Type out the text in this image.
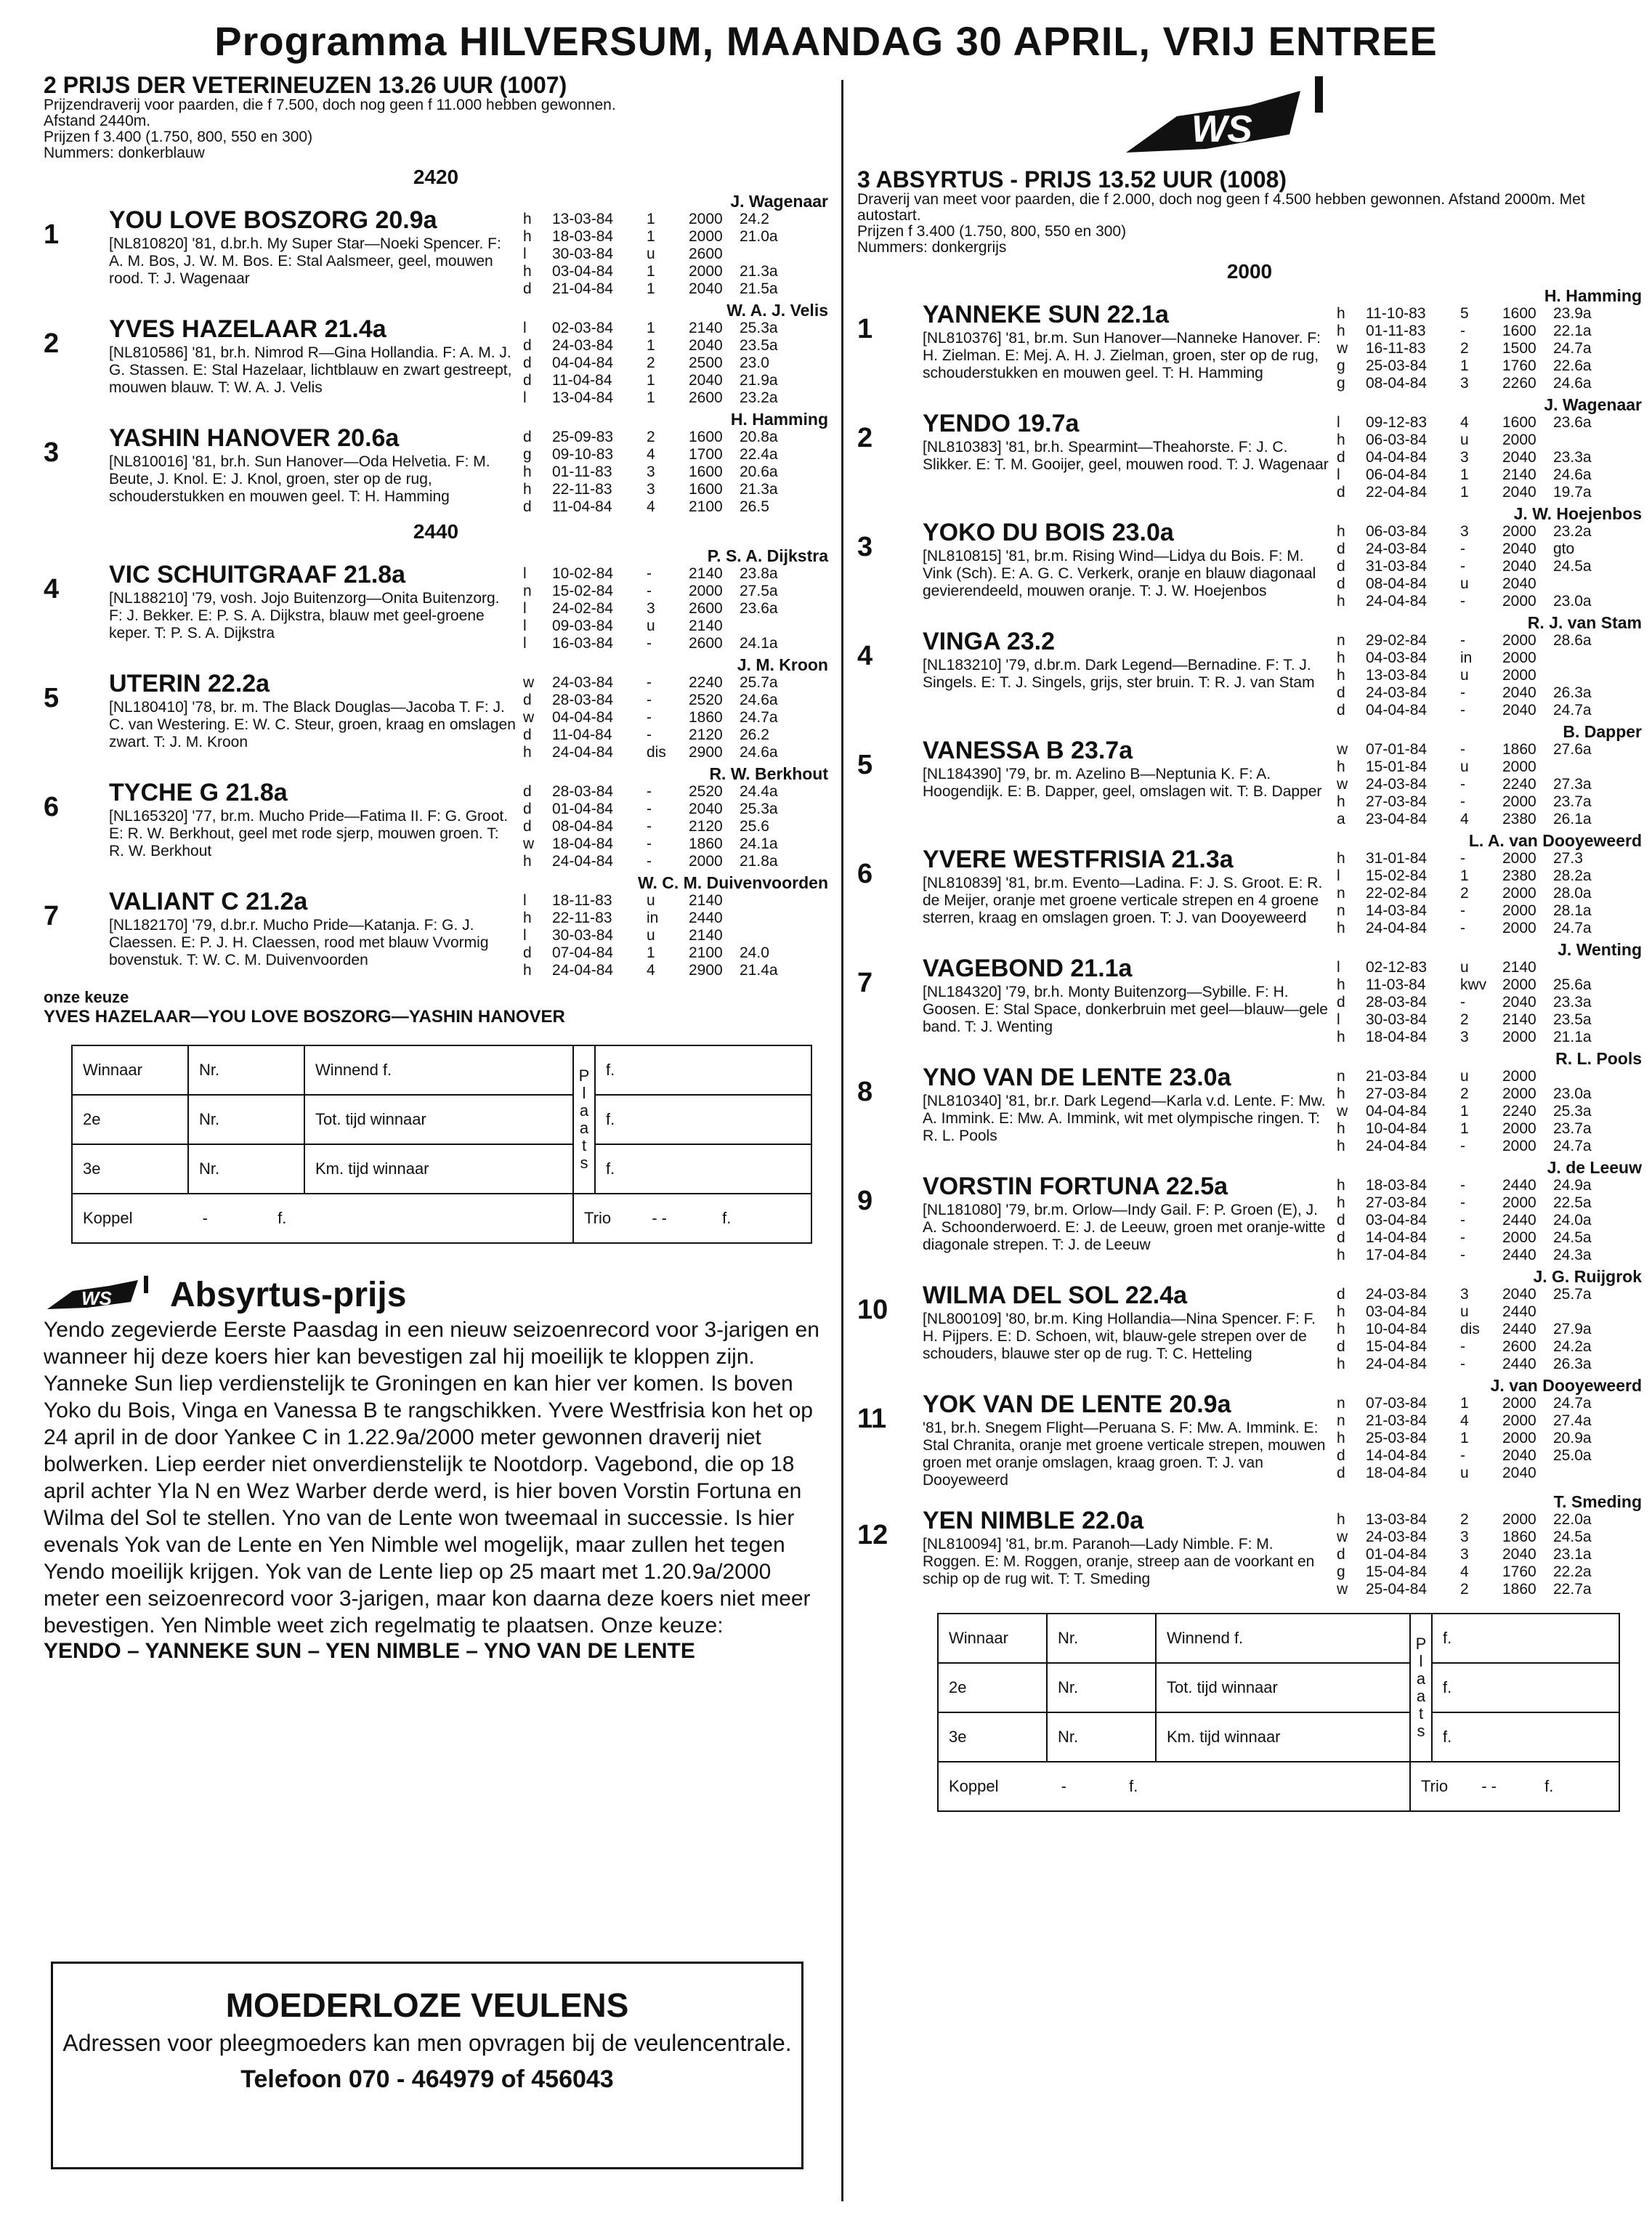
Programma HILVERSUM, MAANDAG 30 APRIL, VRIJ ENTREE
2 PRIJS DER VETERINEUZEN 13.26 UUR (1007)
Prijzendraverij voor paarden, die f 7.500, doch nog geen f 11.000 hebben gewonnen.
Afstand 2440m.
Prijzen f 3.400 (1.750, 800, 550 en 300)
Nummers: donkerblauw
2420
J. Wagenaar
1 YOU LOVE BOSZORG 20.9a
[NL810820] '81, d.br.h. My Super Star—Noeki Spencer. F: A. M. Bos, J. W. M. Bos. E: Stal Aalsmeer, geel, mouwen rood. T: J. Wagenaar
h	13-03-84	1	2000	24.2
h	18-03-84	1	2000	21.0a
l	30-03-84	u	2600
h	03-04-84	1	2000	21.3a
d	21-04-84	1	2040	21.5a
W. A. J. Velis
2 YVES HAZELAAR 21.4a
[NL810586] '81, br.h. Nimrod R—Gina Hollandia. F: A. M. J. G. Stassen. E: Stal Hazelaar, lichtblauw en zwart gestreept, mouwen blauw. T: W. A. J. Velis
l	02-03-84	1	2140	25.3a
d	24-03-84	1	2040	23.5a
d	04-04-84	2	2500	23.0
d	11-04-84	1	2040	21.9a
l	13-04-84	1	2600	23.2a
H. Hamming
3 YASHIN HANOVER 20.6a
[NL810016] '81, br.h. Sun Hanover—Oda Helvetia. F: M. Beute, J. Knol. E: J. Knol, groen, ster op de rug, schouderstukken en mouwen geel. T: H. Hamming
d	25-09-83	2	1600	20.8a
g	09-10-83	4	1700	22.4a
h	01-11-83	3	1600	20.6a
h	22-11-83	3	1600	21.3a
d	11-04-84	4	2100	26.5
2440
P. S. A. Dijkstra
4 VIC SCHUITGRAAF 21.8a
[NL188210] '79, vosh. Jojo Buitenzorg—Onita Buitenzorg. F: J. Bekker. E: P. S. A. Dijkstra, blauw met geel-groene keper. T: P. S. A. Dijkstra
l	10-02-84	-	2140	23.8a
n	15-02-84	-	2000	27.5a
l	24-02-84	3	2600	23.6a
l	09-03-84	u	2140
l	16-03-84	-	2600	24.1a
J. M. Kroon
5 UTERIN 22.2a
[NL180410] '78, br. m. The Black Douglas—Jacoba T. F: J. C. van Westering. E: W. C. Steur, groen, kraag en omslagen zwart. T: J. M. Kroon
w	24-03-84	-	2240	25.7a
d	28-03-84	-	2520	24.6a
w	04-04-84	-	1860	24.7a
d	11-04-84	-	2120	26.2
h	24-04-84	dis	2900	24.6a
R. W. Berkhout
6 TYCHE G 21.8a
[NL165320] '77, br.m. Mucho Pride—Fatima II. F: G. Groot. E: R. W. Berkhout, geel met rode sjerp, mouwen groen. T: R. W. Berkhout
d	28-03-84	-	2520	24.4a
d	01-04-84	-	2040	25.3a
d	08-04-84	-	2120	25.6
w	18-04-84	-	1860	24.1a
h	24-04-84	-	2000	21.8a
W. C. M. Duivenvoorden
7 VALIANT C 21.2a
[NL182170] '79, d.br.r. Mucho Pride—Katanja. F: G. J. Claessen. E: P. J. H. Claessen, rood met blauw Vvormig bovenstuk. T: W. C. M. Duivenvoorden
l	18-11-83	u	2140
h	22-11-83	in	2440
l	30-03-84	u	2140
d	07-04-84	1	2100	24.0
h	24-04-84	4	2900	21.4a
onze keuze
YVES HAZELAAR—YOU LOVE BOSZORG—YASHIN HANOVER
Winnaar	Nr.	Winnend f.	P l a a t s	f.
2e	Nr.	Tot. tijd winnaar		f.
3e	Nr.	Km. tijd winnaar		f.
Koppel - f.			Trio - - f.	
WS Absyrtus-prijs
Yendo zegevierde Eerste Paasdag in een nieuw seizoenrecord voor 3-jarigen en wanneer hij deze koers hier kan bevestigen zal hij moeilijk te kloppen zijn. Yanneke Sun liep verdienstelijk te Groningen en kan hier ver komen. Is boven Yoko du Bois, Vinga en Vanessa B te rangschikken. Yvere Westfrisia kon het op 24 april in de door Yankee C in 1.22.9a/2000 meter gewonnen draverij niet bolwerken. Liep eerder niet onverdienstelijk te Nootdorp. Vagebond, die op 18 april achter Yla N en Wez Warber derde werd, is hier boven Vorstin Fortuna en Wilma del Sol te stellen. Yno van de Lente won tweemaal in successie. Is hier evenals Yok van de Lente en Yen Nimble wel mogelijk, maar zullen het tegen Yendo moeilijk krijgen. Yok van de Lente liep op 25 maart met 1.20.9a/2000 meter een seizoenrecord voor 3-jarigen, maar kon daarna deze koers niet meer bevestigen. Yen Nimble weet zich regelmatig te plaatsen. Onze keuze:
YENDO – YANNEKE SUN – YEN NIMBLE – YNO VAN DE LENTE
MOEDERLOZE VEULENS
Adressen voor pleegmoeders kan men opvragen bij de veulencentrale.
Telefoon 070 - 464979 of 456043
WS
3 ABSYRTUS - PRIJS 13.52 UUR (1008)
Draverij van meet voor paarden, die f 2.000, doch nog geen f 4.500 hebben gewonnen. Afstand 2000m. Met autostart.
Prijzen f 3.400 (1.750, 800, 550 en 300)
Nummers: donkergrijs
2000
H. Hamming
1 YANNEKE SUN 22.1a
[NL810376] '81, br.m. Sun Hanover—Nanneke Hanover. F: H. Zielman. E: Mej. A. H. J. Zielman, groen, ster op de rug, schouderstukken en mouwen geel. T: H. Hamming
h	11-10-83	5	1600	23.9a
h	01-11-83	-	1600	22.1a
w	16-11-83	2	1500	24.7a
g	25-03-84	1	1760	22.6a
g	08-04-84	3	2260	24.6a
J. Wagenaar
2 YENDO 19.7a
[NL810383] '81, br.h. Spearmint—Theahorste. F: J. C. Slikker. E: T. M. Gooijer, geel, mouwen rood. T: J. Wagenaar
l	09-12-83	4	1600	23.6a
h	06-03-84	u	2000
d	04-04-84	3	2040	23.3a
l	06-04-84	1	2140	24.6a
d	22-04-84	1	2040	19.7a
J. W. Hoejenbos
3 YOKO DU BOIS 23.0a
[NL810815] '81, br.m. Rising Wind—Lidya du Bois. F: M. Vink (Sch). E: A. G. C. Verkerk, oranje en blauw diagonaal gevierendeeld, mouwen oranje. T: J. W. Hoejenbos
h	06-03-84	3	2000	23.2a
d	24-03-84	-	2040	gto
d	31-03-84	-	2040	24.5a
d	08-04-84	u	2040
h	24-04-84	-	2000	23.0a
R. J. van Stam
4 VINGA 23.2
[NL183210] '79, d.br.m. Dark Legend—Bernadine. F: T. J. Singels. E: T. J. Singels, grijs, ster bruin. T: R. J. van Stam
n	29-02-84	-	2000	28.6a
h	04-03-84	in	2000
h	13-03-84	u	2000
d	24-03-84	-	2040	26.3a
d	04-04-84	-	2040	24.7a
B. Dapper
5 VANESSA B 23.7a
[NL184390] '79, br. m. Azelino B—Neptunia K. F: A. Hoogendijk. E: B. Dapper, geel, omslagen wit. T: B. Dapper
w	07-01-84	-	1860	27.6a
h	15-01-84	u	2000
w	24-03-84	-	2240	27.3a
h	27-03-84	-	2000	23.7a
a	23-04-84	4	2380	26.1a
L. A. van Dooyeweerd
6 YVERE WESTFRISIA 21.3a
[NL810839] '81, br.m. Evento—Ladina. F: J. S. Groot. E: R. de Meijer, oranje met groene verticale strepen en 4 groene sterren, kraag en omslagen groen. T: J. van Dooyeweerd
h	31-01-84	-	2000	27.3
l	15-02-84	1	2380	28.2a
n	22-02-84	2	2000	28.0a
n	14-03-84	-	2000	28.1a
h	24-04-84	-	2000	24.7a
J. Wenting
7 VAGEBOND 21.1a
[NL184320] '79, br.h. Monty Buitenzorg—Sybille. F: H. Goosen. E: Stal Space, donkerbruin met geel—blauw—gele band. T: J. Wenting
l	02-12-83	u	2140
h	11-03-84	kwv	2000	25.6a
d	28-03-84	-	2040	23.3a
l	30-03-84	2	2140	23.5a
h	18-04-84	3	2000	21.1a
R. L. Pools
8 YNO VAN DE LENTE 23.0a
[NL810340] '81, br.r. Dark Legend—Karla v.d. Lente. F: Mw. A. Immink. E: Mw. A. Immink, wit met olympische ringen. T: R. L. Pools
n	21-03-84	u	2000
h	27-03-84	2	2000	23.0a
w	04-04-84	1	2240	25.3a
h	10-04-84	1	2000	23.7a
h	24-04-84	-	2000	24.7a
J. de Leeuw
9 VORSTIN FORTUNA 22.5a
[NL181080] '79, br.m. Orlow—Indy Gail. F: P. Groen (E), J. A. Schoonderwoerd. E: J. de Leeuw, groen met oranje-witte diagonale strepen. T: J. de Leeuw
h	18-03-84	-	2440	24.9a
h	27-03-84	-	2000	22.5a
d	03-04-84	-	2440	24.0a
d	14-04-84	-	2000	24.5a
h	17-04-84	-	2440	24.3a
J. G. Ruijgrok
10 WILMA DEL SOL 22.4a
[NL800109] '80, br.m. King Hollandia—Nina Spencer. F: F. H. Pijpers. E: D. Schoen, wit, blauw-gele strepen over de schouders, blauwe ster op de rug. T: C. Hetteling
d	24-03-84	3	2040	25.7a
h	03-04-84	u	2440
h	10-04-84	dis	2440	27.9a
d	15-04-84	-	2600	24.2a
h	24-04-84	-	2440	26.3a
J. van Dooyeweerd
11 YOK VAN DE LENTE 20.9a
'81, br.h. Snegem Flight—Peruana S. F: Mw. A. Immink. E: Stal Chranita, oranje met groene verticale strepen, mouwen groen met oranje omslagen, kraag groen. T: J. van Dooyeweerd
n	07-03-84	1	2000	24.7a
n	21-03-84	4	2000	27.4a
h	25-03-84	1	2000	20.9a
d	14-04-84	-	2040	25.0a
d	18-04-84	u	2040
T. Smeding
12 YEN NIMBLE 22.0a
[NL810094] '81, br.m. Paranoh—Lady Nimble. F: M. Roggen. E: M. Roggen, oranje, streep aan de voorkant en schip op de rug wit. T: T. Smeding
h	13-03-84	2	2000	22.0a
w	24-03-84	3	1860	24.5a
d	01-04-84	3	2040	23.1a
g	15-04-84	4	1760	22.2a
w	25-04-84	2	1860	22.7a
Winnaar	Nr.	Winnend f.	P l a a t s	f.
2e	Nr.	Tot. tijd winnaar		f.
3e	Nr.	Km. tijd winnaar		f.
Koppel - f.			Trio - - f.	
